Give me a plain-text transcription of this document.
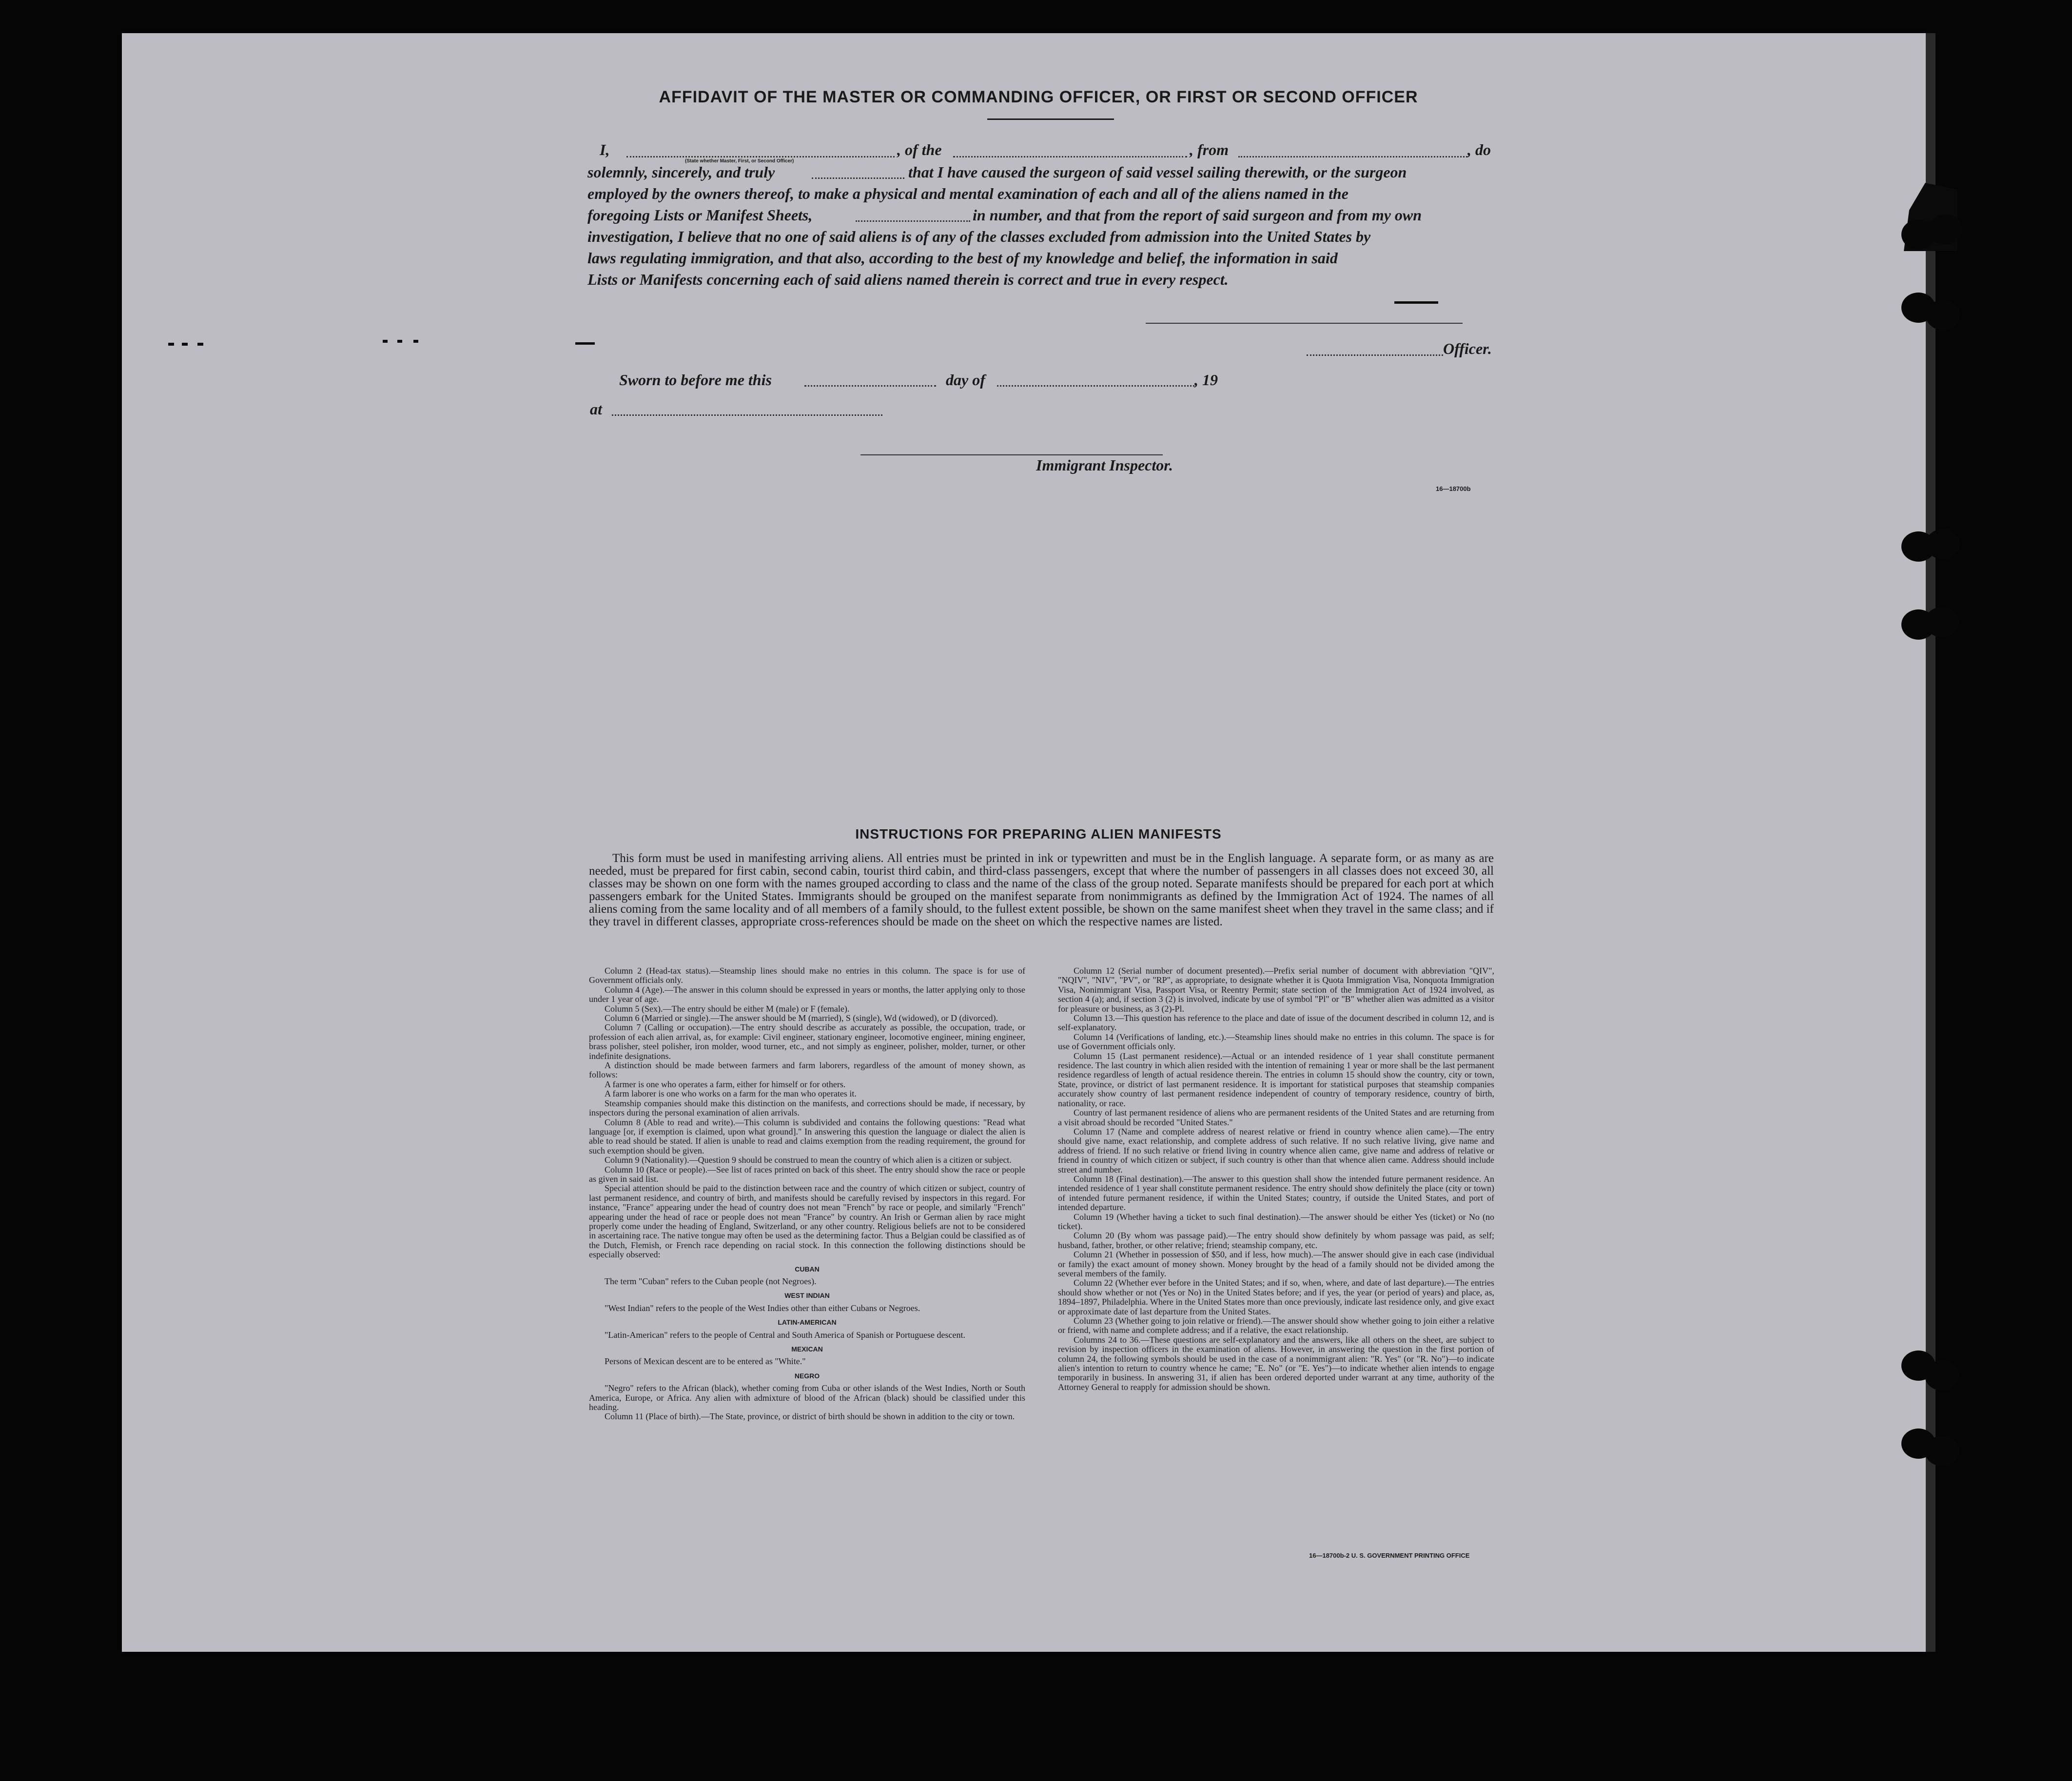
AFFIDAVIT OF THE MASTER OR COMMANDING OFFICER, OR FIRST OR SECOND OFFICER
I,
(State whether Master, First, or Second Officer)
, of the	, from	, do
solemnly, sincerely, and truly	that I have caused the surgeon of said vessel sailing therewith, or the surgeon
employed by the owners thereof, to make a physical and mental examination of each and all of the aliens named in the
foregoing Lists or Manifest Sheets,	in number, and that from the report of said surgeon and from my own
investigation, I believe that no one of said aliens is of any of the classes excluded from admission into the United States by
laws regulating immigration, and that also, according to the best of my knowledge and belief, the information in said
Lists or Manifests concerning each of said aliens named therein is correct and true in every respect.
Officer.
Sworn to before me this	day of	, 19
at
Immigrant Inspector.
16—18700b
INSTRUCTIONS FOR PREPARING ALIEN MANIFESTS
This form must be used in manifesting arriving aliens. All entries must be printed in ink or typewritten and must be in the English language. A separate form, or as many as are needed, must be prepared for first cabin, second cabin, tourist third cabin, and third-class passengers, except that where the number of passengers in all classes does not exceed 30, all classes may be shown on one form with the names grouped according to class and the name of the class of the group noted. Separate manifests should be prepared for each port at which passengers embark for the United States. Immigrants should be grouped on the manifest separate from nonimmigrants as defined by the Immigration Act of 1924. The names of all aliens coming from the same locality and of all members of a family should, to the fullest extent possible, be shown on the same manifest sheet when they travel in the same class; and if they travel in different classes, appropriate cross-references should be made on the sheet on which the respective names are listed.

Column 2 (Head-tax status).—Steamship lines should make no entries in this column. The space is for use of Government officials only.

Column 4 (Age).—The answer in this column should be expressed in years or months, the latter applying only to those under 1 year of age.

Column 5 (Sex).—The entry should be either M (male) or F (female).

Column 6 (Married or single).—The answer should be M (married), S (single), Wd (widowed), or D (divorced).

Column 7 (Calling or occupation).—The entry should describe as accurately as possible, the occupation, trade, or profession of each alien arrival, as, for example: Civil engineer, stationary engineer, locomotive engineer, mining engineer, brass polisher, steel polisher, iron molder, wood turner, etc., and not simply as engineer, polisher, molder, turner, or other indefinite designations.

A distinction should be made between farmers and farm laborers, regardless of the amount of money shown, as follows:

A farmer is one who operates a farm, either for himself or for others.

A farm laborer is one who works on a farm for the man who operates it.

Steamship companies should make this distinction on the manifests, and corrections should be made, if necessary, by inspectors during the personal examination of alien arrivals.

Column 8 (Able to read and write).—This column is subdivided and contains the following questions: "Read what language [or, if exemption is claimed, upon what ground]." In answering this question the language or dialect the alien is able to read should be stated. If alien is unable to read and claims exemption from the reading requirement, the ground for such exemption should be given.

Column 9 (Nationality).—Question 9 should be construed to mean the country of which alien is a citizen or subject.

Column 10 (Race or people).—See list of races printed on back of this sheet. The entry should show the race or people as given in said list.

Special attention should be paid to the distinction between race and the country of which citizen or subject, country of last permanent residence, and country of birth, and manifests should be carefully revised by inspectors in this regard. For instance, "France" appearing under the head of country does not mean "French" by race or people, and similarly "French" appearing under the head of race or people does not mean "France" by country. An Irish or German alien by race might properly come under the heading of England, Switzerland, or any other country. Religious beliefs are not to be considered in ascertaining race. The native tongue may often be used as the determining factor. Thus a Belgian could be classified as of the Dutch, Flemish, or French race depending on racial stock. In this connection the following distinctions should be especially observed:

CUBAN

The term "Cuban" refers to the Cuban people (not Negroes).

WEST INDIAN

"West Indian" refers to the people of the West Indies other than either Cubans or Negroes.

LATIN-AMERICAN

"Latin-American" refers to the people of Central and South America of Spanish or Portuguese descent.

MEXICAN

Persons of Mexican descent are to be entered as "White."

NEGRO

"Negro" refers to the African (black), whether coming from Cuba or other islands of the West Indies, North or South America, Europe, or Africa. Any alien with admixture of blood of the African (black) should be classified under this heading.

Column 11 (Place of birth).—The State, province, or district of birth should be shown in addition to the city or town.

Column 12 (Serial number of document presented).—Prefix serial number of document with abbreviation "QIV", "NQIV", "NIV", "PV", or "RP", as appropriate, to designate whether it is Quota Immigration Visa, Nonquota Immigration Visa, Nonimmigrant Visa, Passport Visa, or Reentry Permit; state section of the Immigration Act of 1924 involved, as section 4 (a); and, if section 3 (2) is involved, indicate by use of symbol "Pl" or "B" whether alien was admitted as a visitor for pleasure or business, as 3 (2)-Pl.

Column 13.—This question has reference to the place and date of issue of the document described in column 12, and is self-explanatory.

Column 14 (Verifications of landing, etc.).—Steamship lines should make no entries in this column. The space is for use of Government officials only.

Column 15 (Last permanent residence).—Actual or an intended residence of 1 year shall constitute permanent residence. The last country in which alien resided with the intention of remaining 1 year or more shall be the last permanent residence regardless of length of actual residence therein. The entries in column 15 should show the country, city or town, State, province, or district of last permanent residence. It is important for statistical purposes that steamship companies accurately show country of last permanent residence independent of country of temporary residence, country of birth, nationality, or race.

Country of last permanent residence of aliens who are permanent residents of the United States and are returning from a visit abroad should be recorded "United States."

Column 17 (Name and complete address of nearest relative or friend in country whence alien came).—The entry should give name, exact relationship, and complete address of such relative. If no such relative living, give name and address of friend. If no such relative or friend living in country whence alien came, give name and address of relative or friend in country of which citizen or subject, if such country is other than that whence alien came. Address should include street and number.

Column 18 (Final destination).—The answer to this question shall show the intended future permanent residence. An intended residence of 1 year shall constitute permanent residence. The entry should show definitely the place (city or town) of intended future permanent residence, if within the United States; country, if outside the United States, and port of intended departure.

Column 19 (Whether having a ticket to such final destination).—The answer should be either Yes (ticket) or No (no ticket).

Column 20 (By whom was passage paid).—The entry should show definitely by whom passage was paid, as self; husband, father, brother, or other relative; friend; steamship company, etc.

Column 21 (Whether in possession of $50, and if less, how much).—The answer should give in each case (individual or family) the exact amount of money shown. Money brought by the head of a family should not be divided among the several members of the family.

Column 22 (Whether ever before in the United States; and if so, when, where, and date of last departure).—The entries should show whether or not (Yes or No) in the United States before; and if yes, the year (or period of years) and place, as, 1894–1897, Philadelphia. Where in the United States more than once previously, indicate last residence only, and give exact or approximate date of last departure from the United States.

Column 23 (Whether going to join relative or friend).—The answer should show whether going to join either a relative or friend, with name and complete address; and if a relative, the exact relationship.

Columns 24 to 36.—These questions are self-explanatory and the answers, like all others on the sheet, are subject to revision by inspection officers in the examination of aliens. However, in answering the question in the first portion of column 24, the following symbols should be used in the case of a nonimmigrant alien: "R. Yes" (or "R. No")—to indicate alien's intention to return to country whence he came; "E. No" (or "E. Yes")—to indicate whether alien intends to engage temporarily in business. In answering 31, if alien has been ordered deported under warrant at any time, authority of the Attorney General to reapply for admission should be shown.

16—18700b-2 U. S. GOVERNMENT PRINTING OFFICE
